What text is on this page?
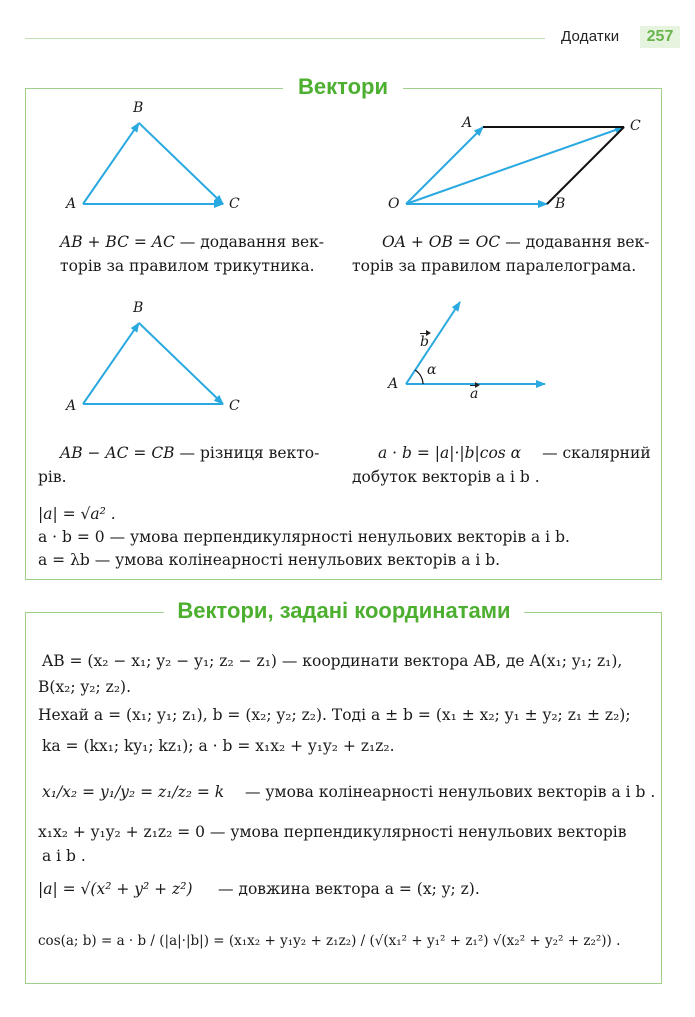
Додатки	257
Вектори
A
B
C
A	C
O	B
A
B
C
A
α
a
b
AB + BC = AC — додавання век-
торів за правилом трикутника.
OA + OB = OC — додавання век-
торів за правилом паралелограма.
AB − AC = CB — різниця векто-
рів.
a · b = |a|·|b|cos α — скалярний
добуток векторів a і b .
|a| = √a² .
a · b = 0 — умова перпендикулярності ненульових векторів a і b.
a = λb — умова колінеарності ненульових векторів a і b.
Вектори, задані координатами
AB = (x₂ − x₁; y₂ − y₁; z₂ − z₁) — координати вектора AB, де A(x₁; y₁; z₁),
B(x₂; y₂; z₂).
Нехай a = (x₁; y₁; z₁), b = (x₂; y₂; z₂). Тоді a ± b = (x₁ ± x₂; y₁ ± y₂; z₁ ± z₂);
ka = (kx₁; ky₁; kz₁); a · b = x₁x₂ + y₁y₂ + z₁z₂.
x₁/x₂ = y₁/y₂ = z₁/z₂ = k — умова колінеарності ненульових векторів a і b .
x₁x₂ + y₁y₂ + z₁z₂ = 0 — умова перпендикулярності ненульових векторів
a і b .
|a| = √(x² + y² + z²) — довжина вектора a = (x; y; z).
cos(a; b) = a · b / (|a|·|b|) = (x₁x₂ + y₁y₂ + z₁z₂) / (√(x₁² + y₁² + z₁²) √(x₂² + y₂² + z₂²)) .
